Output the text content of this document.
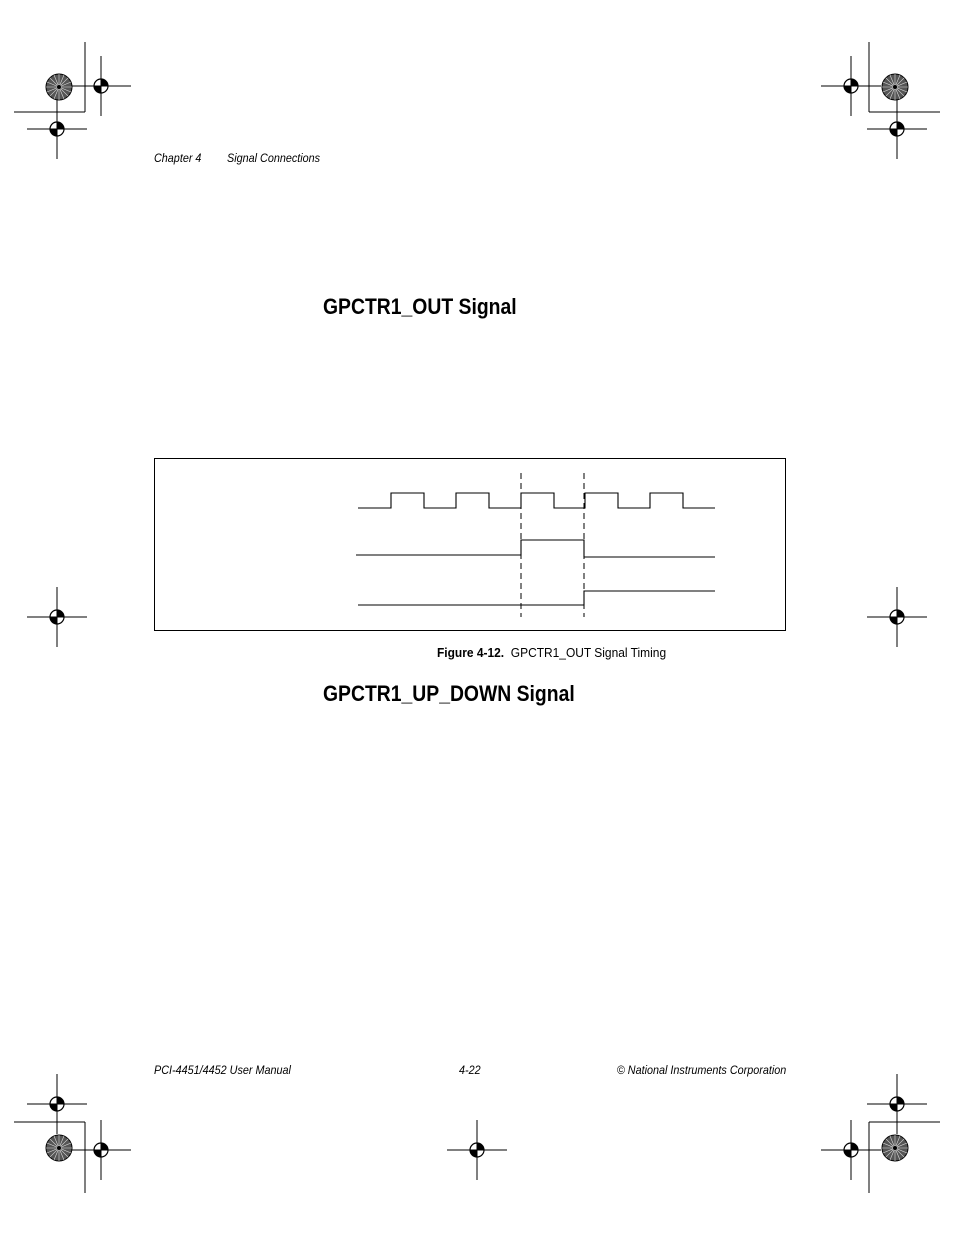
Chapter 4 Signal Connections
GPCTR1_OUT Signal
Figure 4-12. GPCTR1_OUT Signal Timing
GPCTR1_UP_DOWN Signal
PCI-4451/4452 User Manual	4-22	© National Instruments Corporation
